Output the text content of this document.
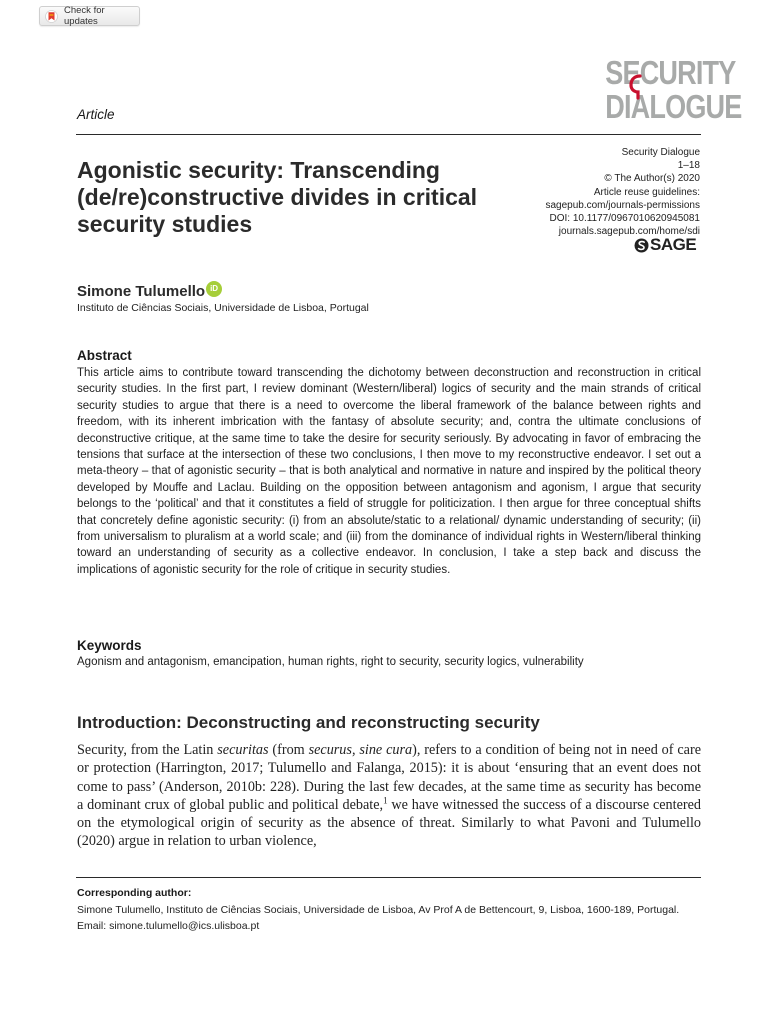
Check for updates
SECURITY
DIALOGUE
Article
Agonistic security: Transcending (de/re)constructive divides in critical security studies
Security Dialogue
1–18
© The Author(s) 2020
Article reuse guidelines:
sagepub.com/journals-permissions
DOI: 10.1177/0967010620945081
journals.sagepub.com/home/sdi
SAGE
Simone Tulumello iD
Instituto de Ciências Sociais, Universidade de Lisboa, Portugal
Abstract

This article aims to contribute toward transcending the dichotomy between deconstruction and reconstruction in critical security studies. In the first part, I review dominant (Western/liberal) logics of security and the main strands of critical security studies to argue that there is a need to overcome the liberal framework of the balance between rights and freedom, with its inherent imbrication with the fantasy of absolute security; and, contra the ultimate conclusions of deconstructive critique, at the same time to take the desire for security seriously. By advocating in favor of embracing the tensions that surface at the intersection of these two conclusions, I then move to my reconstructive endeavor. I set out a meta-theory – that of agonistic security – that is both analytical and normative in nature and inspired by the political theory developed by Mouffe and Laclau. Building on the opposition between antagonism and agonism, I argue that security belongs to the ‘political’ and that it constitutes a field of struggle for politicization. I then argue for three conceptual shifts that concretely define agonistic security: (i) from an absolute/static to a relational/ dynamic understanding of security; (ii) from universalism to pluralism at a world scale; and (iii) from the dominance of individual rights in Western/liberal thinking toward an understanding of security as a collective endeavor. In conclusion, I take a step back and discuss the implications of agonistic security for the role of critique in security studies.

Keywords
Agonism and antagonism, emancipation, human rights, right to security, security logics, vulnerability
Introduction: Deconstructing and reconstructing security

Security, from the Latin securitas (from securus, sine cura), refers to a condition of being not in need of care or protection (Harrington, 2017; Tulumello and Falanga, 2015): it is about ‘ensuring that an event does not come to pass’ (Anderson, 2010b: 228). During the last few decades, at the same time as security has become a dominant crux of global public and political debate,$^1$ we have witnessed the success of a discourse centered on the etymological origin of security as the absence of threat. Similarly to what Pavoni and Tulumello (2020) argue in relation to urban violence,

Corresponding author:
Simone Tulumello, Instituto de Ciências Sociais, Universidade de Lisboa, Av Prof A de Bettencourt, 9, Lisboa, 1600-189, Portugal.
Email: simone.tulumello@ics.ulisboa.pt
